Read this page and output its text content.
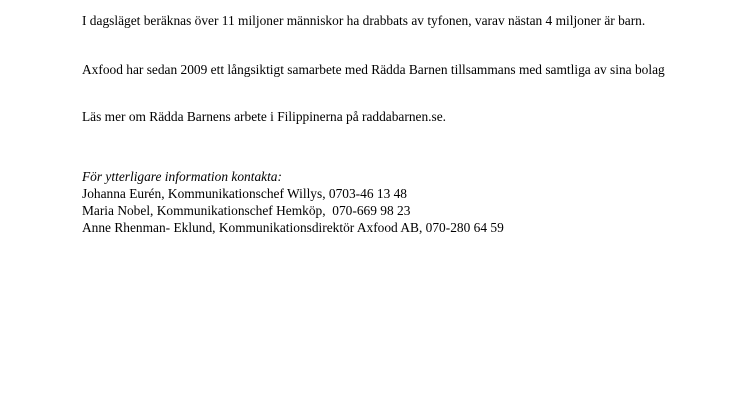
I dagsläget beräknas över 11 miljoner människor ha drabbats av tyfonen, varav nästan 4 miljoner är barn.

Axfood har sedan 2009 ett långsiktigt samarbete med Rädda Barnen tillsammans med samtliga av sina bolag

Läs mer om Rädda Barnens arbete i Filippinerna på raddabarnen.se.

För ytterligare information kontakta:
Johanna Eurén, Kommunikationschef Willys, 0703-46 13 48
Maria Nobel, Kommunikationschef Hemköp,  070-669 98 23
Anne Rhenman- Eklund, Kommunikationsdirektör Axfood AB, 070-280 64 59
